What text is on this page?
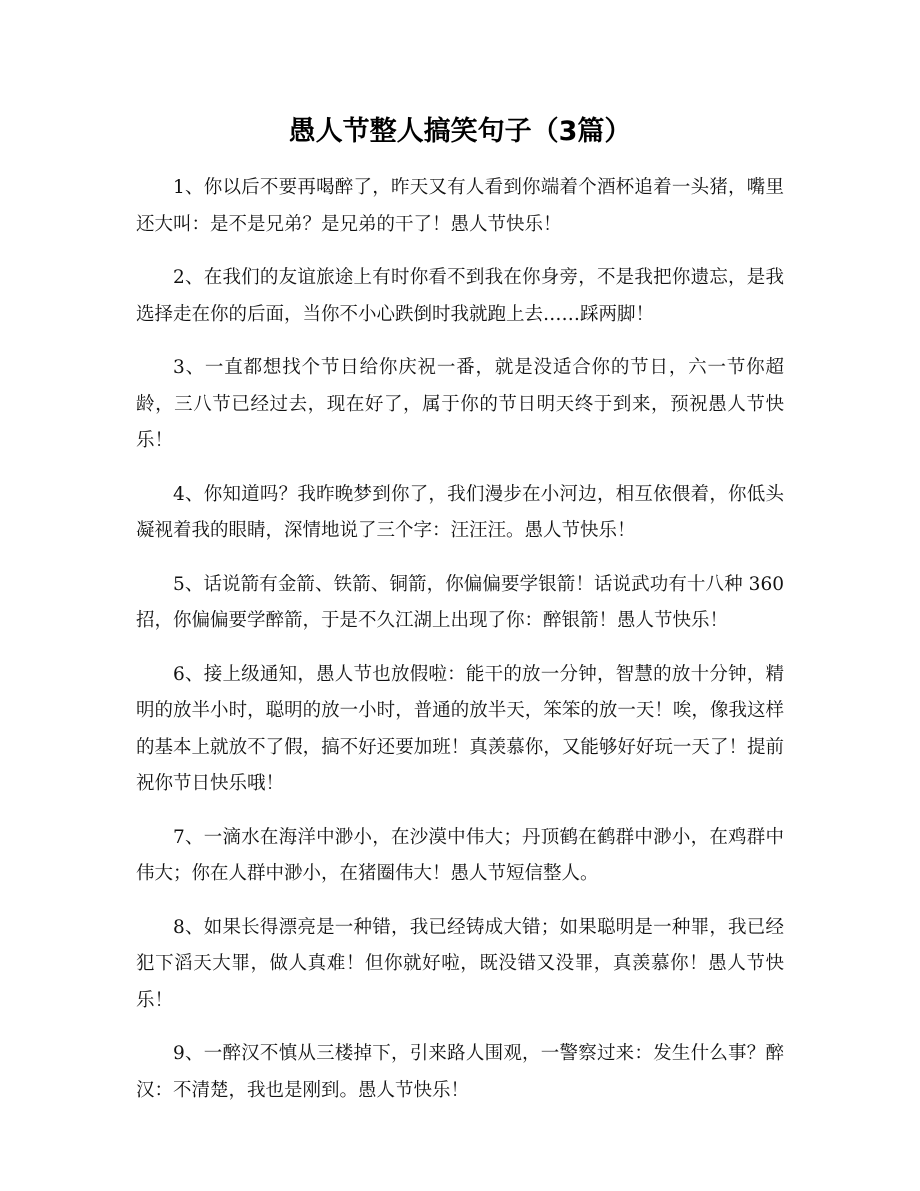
愚人节整人搞笑句子（3篇）

1、你以后不要再喝醉了，昨天又有人看到你端着个酒杯追着一头猪，嘴里还大叫：是不是兄弟？是兄弟的干了！愚人节快乐！

2、在我们的友谊旅途上有时你看不到我在你身旁，不是我把你遗忘，是我选择走在你的后面，当你不小心跌倒时我就跑上去……踩两脚！

3、一直都想找个节日给你庆祝一番，就是没适合你的节日，六一节你超龄，三八节已经过去，现在好了，属于你的节日明天终于到来，预祝愚人节快乐！

4、你知道吗？我昨晚梦到你了，我们漫步在小河边，相互依偎着，你低头凝视着我的眼睛，深情地说了三个字：汪汪汪。愚人节快乐！

5、话说箭有金箭、铁箭、铜箭，你偏偏要学银箭！话说武功有十八种 360 招，你偏偏要学醉箭，于是不久江湖上出现了你：醉银箭！愚人节快乐！

6、接上级通知，愚人节也放假啦：能干的放一分钟，智慧的放十分钟，精明的放半小时，聪明的放一小时，普通的放半天，笨笨的放一天！唉，像我这样的基本上就放不了假，搞不好还要加班！真羡慕你，又能够好好玩一天了！提前祝你节日快乐哦！

7、一滴水在海洋中渺小，在沙漠中伟大；丹顶鹤在鹤群中渺小，在鸡群中伟大；你在人群中渺小，在猪圈伟大！愚人节短信整人。

8、如果长得漂亮是一种错，我已经铸成大错；如果聪明是一种罪，我已经犯下滔天大罪，做人真难！但你就好啦，既没错又没罪，真羡慕你！愚人节快乐！

9、一醉汉不慎从三楼掉下，引来路人围观，一警察过来：发生什么事？醉汉：不清楚，我也是刚到。愚人节快乐！
